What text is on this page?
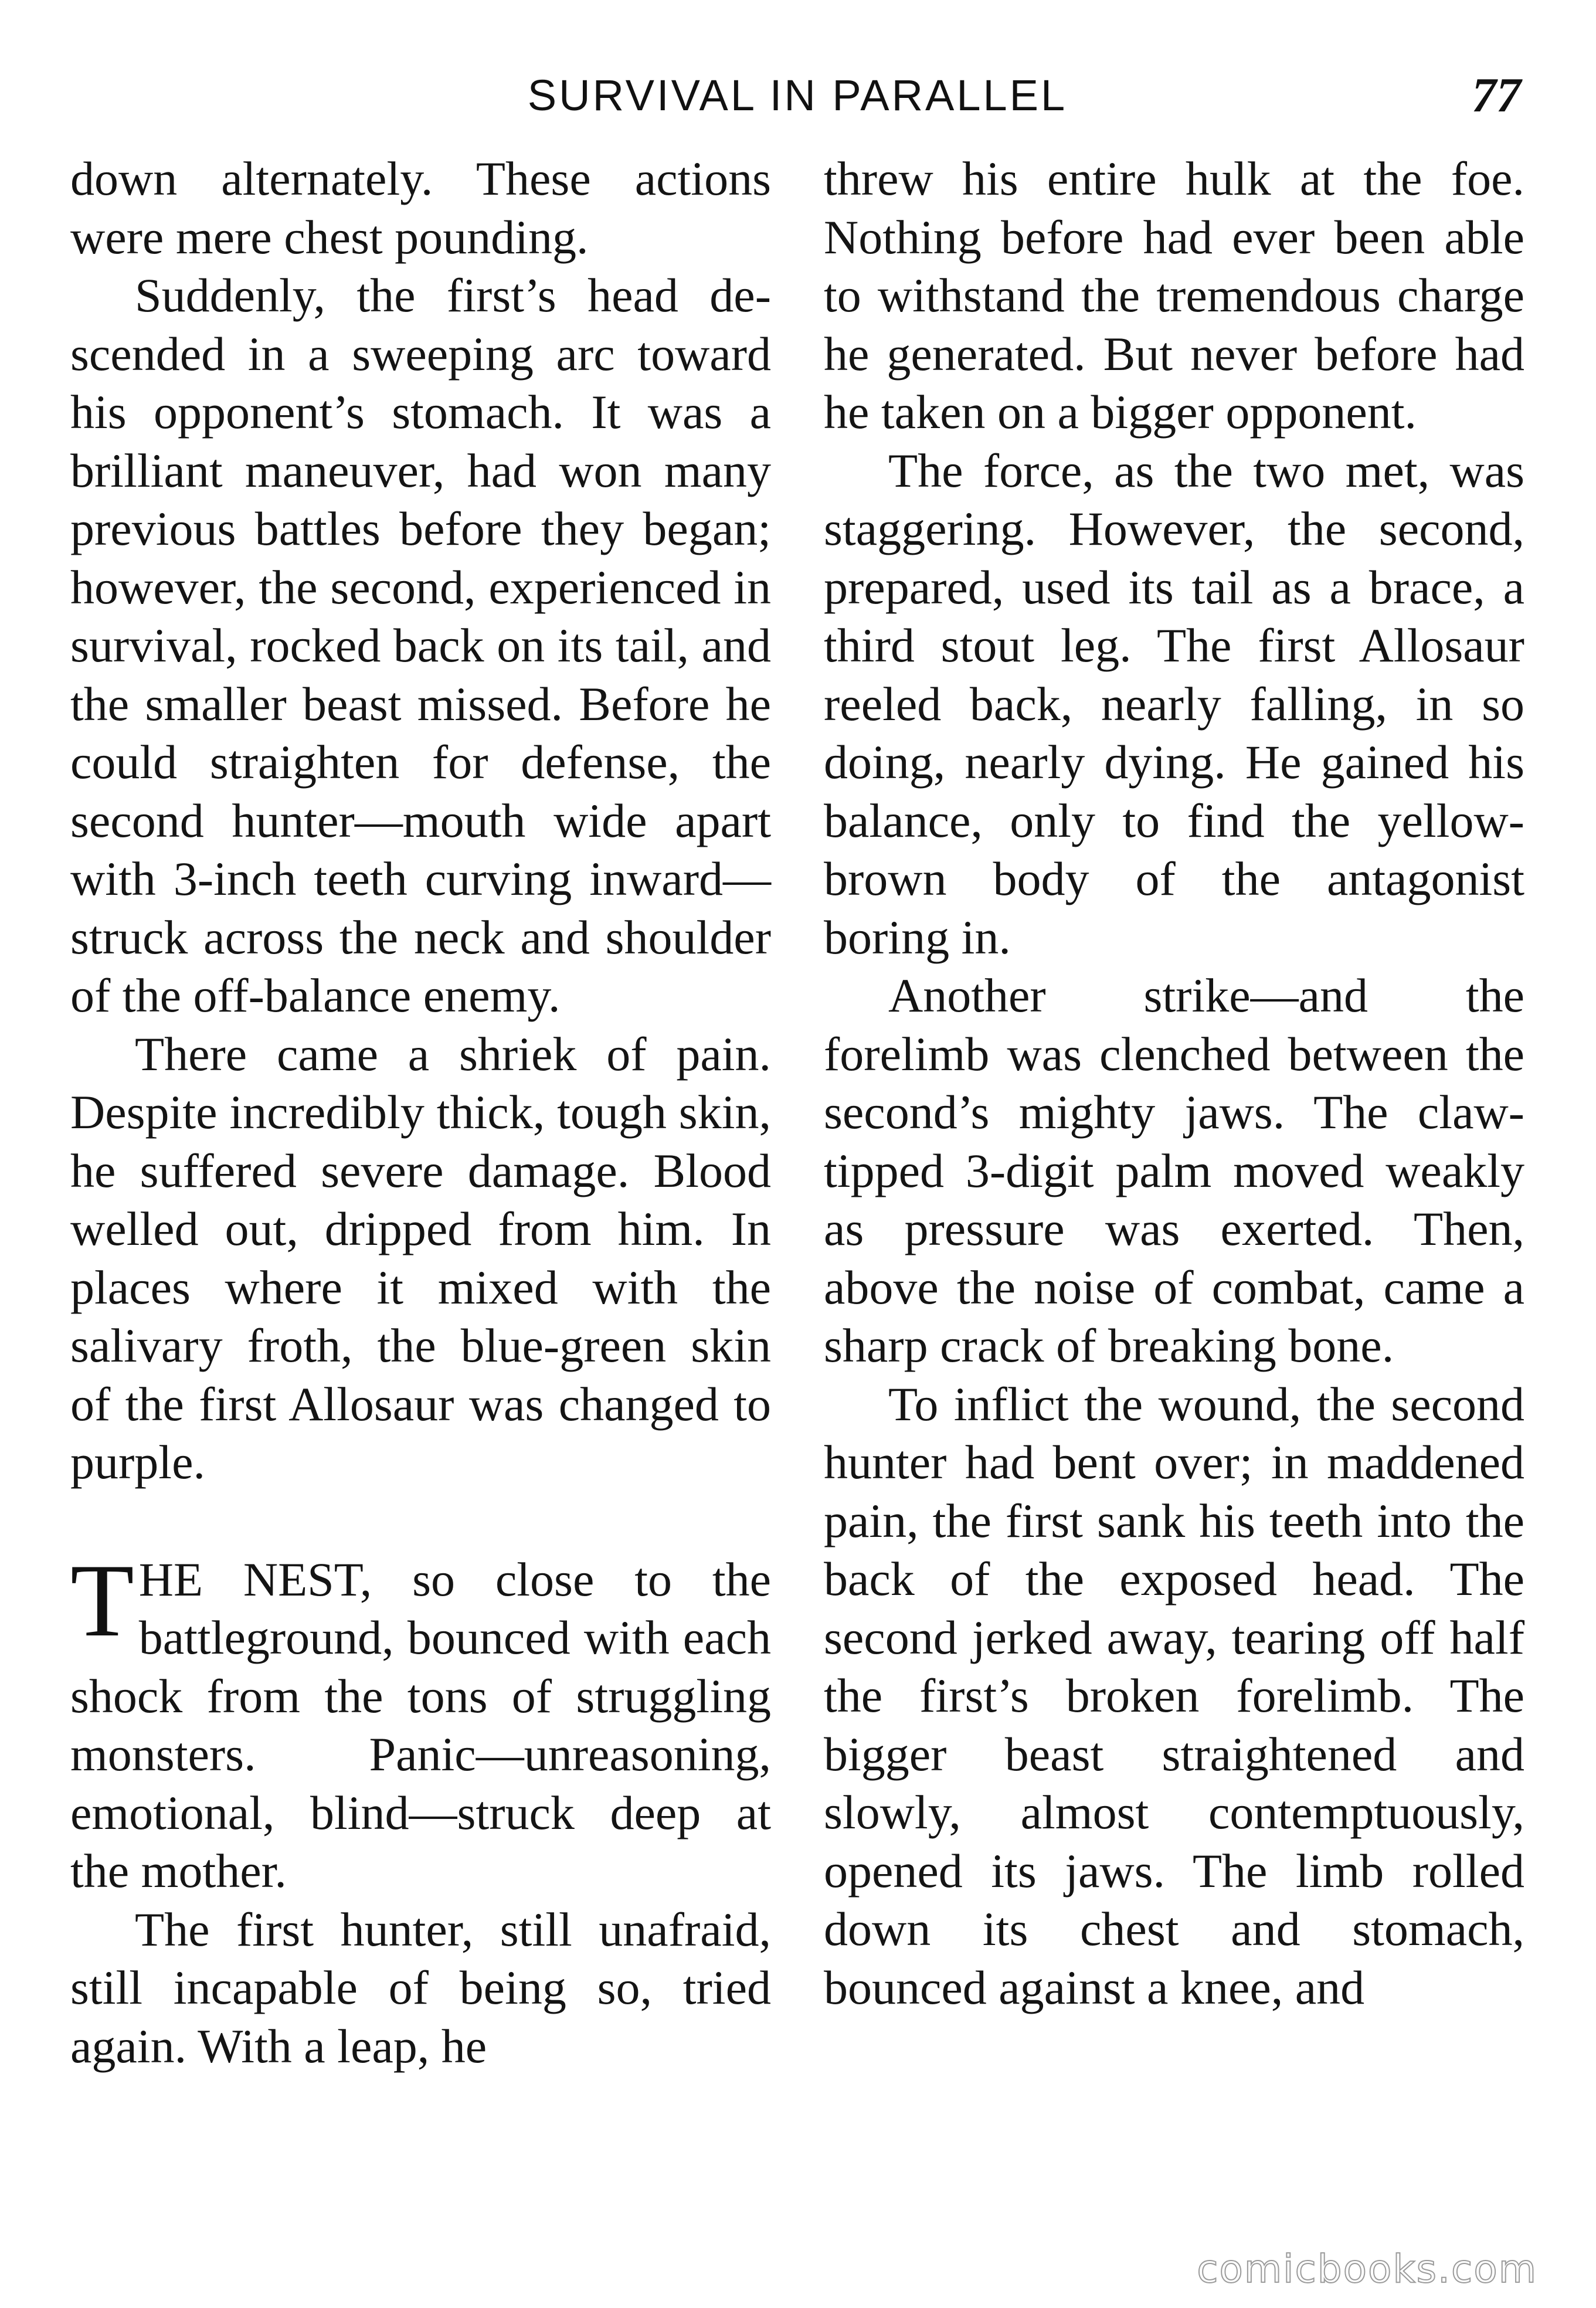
SURVIVAL IN PARALLEL	77

down alternately. These actions were mere chest pounding.

Suddenly, the first’s head descended in a sweeping arc toward his opponent’s stomach. It was a brilliant maneuver, had won many previous battles before they began; however, the second, experienced in survival, rocked back on its tail, and the smaller beast missed. Before he could straighten for defense, the second hunter—mouth wide apart with 3-inch teeth curving inward—struck across the neck and shoulder of the off-balance enemy.

There came a shriek of pain. Despite incredibly thick, tough skin, he suffered severe damage. Blood welled out, dripped from him. In places where it mixed with the salivary froth, the blue-green skin of the first Allosaur was changed to purple.

THE NEST, so close to the battleground, bounced with each shock from the tons of struggling monsters. Panic—unreasoning, emotional, blind—struck deep at the mother.

The first hunter, still unafraid, still incapable of being so, tried again. With a leap, he

threw his entire hulk at the foe. Nothing before had ever been able to withstand the tremendous charge he generated. But never before had he taken on a bigger opponent.

The force, as the two met, was staggering. However, the second, prepared, used its tail as a brace, a third stout leg. The first Allosaur reeled back, nearly falling, in so doing, nearly dying. He gained his balance, only to find the yellow-brown body of the antagonist boring in.

Another strike—and the forelimb was clenched between the second’s mighty jaws. The claw-tipped 3-digit palm moved weakly as pressure was exerted. Then, above the noise of combat, came a sharp crack of breaking bone.

To inflict the wound, the second hunter had bent over; in maddened pain, the first sank his teeth into the back of the exposed head. The second jerked away, tearing off half the first’s broken forelimb. The bigger beast straightened and slowly, almost contemptuously, opened its jaws. The limb rolled down its chest and stomach, bounced against a knee, and

comicbooks.com
